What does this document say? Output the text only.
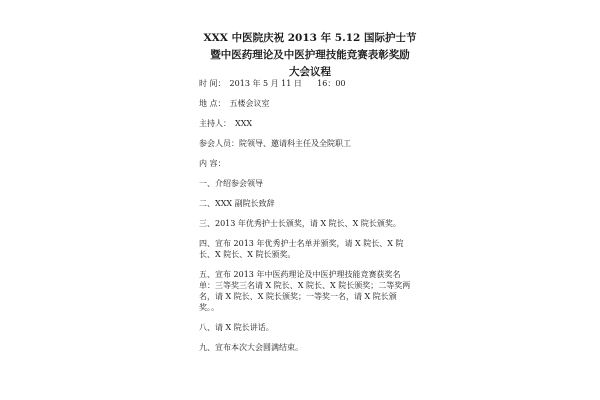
XXX 中医院庆祝 2013 年 5.12 国际护士节
暨中医药理论及中医护理技能竞赛表彰奖励
大会议程
时 间： 2013 年 5 月 11 日      16：00
地 点： 五楼会议室
主持人： XXX
参会人员：院领导、邀请科主任及全院职工
内 容：
一、介绍参会领导
二、XXX 副院长致辞
三、2013 年优秀护士长颁奖，请 X 院长、X 院长颁奖。
四、宣布 2013 年优秀护士名单并颁奖，请 X 院长、X 院长、X 院长、X 院长颁奖。
五、宣布 2013 年中医药理论及中医护理技能竞赛获奖名单：三等奖三名请 X 院长、X 院长、X 院长颁奖；二等奖两名，请 X 院长、X 院长颁奖；一等奖一名，请 X 院长颁奖。。
八、请 X 院长讲话。
九、宣布本次大会圆满结束。
